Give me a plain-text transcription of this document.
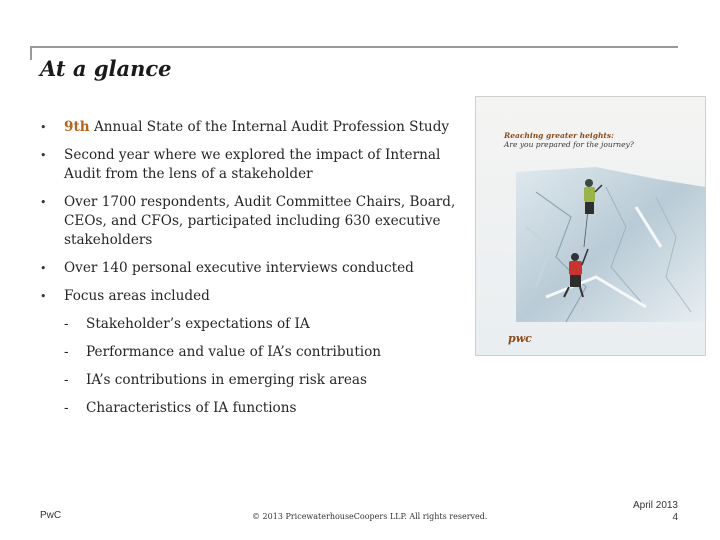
At a glance
• 9th Annual State of the Internal Audit Profession Study
• Second year where we explored the impact of Internal Audit from the lens of a stakeholder
• Over 1700 respondents, Audit Committee Chairs, Board, CEOs, and CFOs, participated including 630 executive stakeholders
• Over 140 personal executive interviews conducted
• Focus areas included
- Stakeholder’s expectations of IA
- Performance and value of IA’s contribution
- IA’s contributions in emerging risk areas
- Characteristics of IA functions

Reaching greater heights:
Are you prepared for the journey?

pwc
PwC	© 2013 PricewaterhouseCoopers LLP. All rights reserved.
April 2013
4
